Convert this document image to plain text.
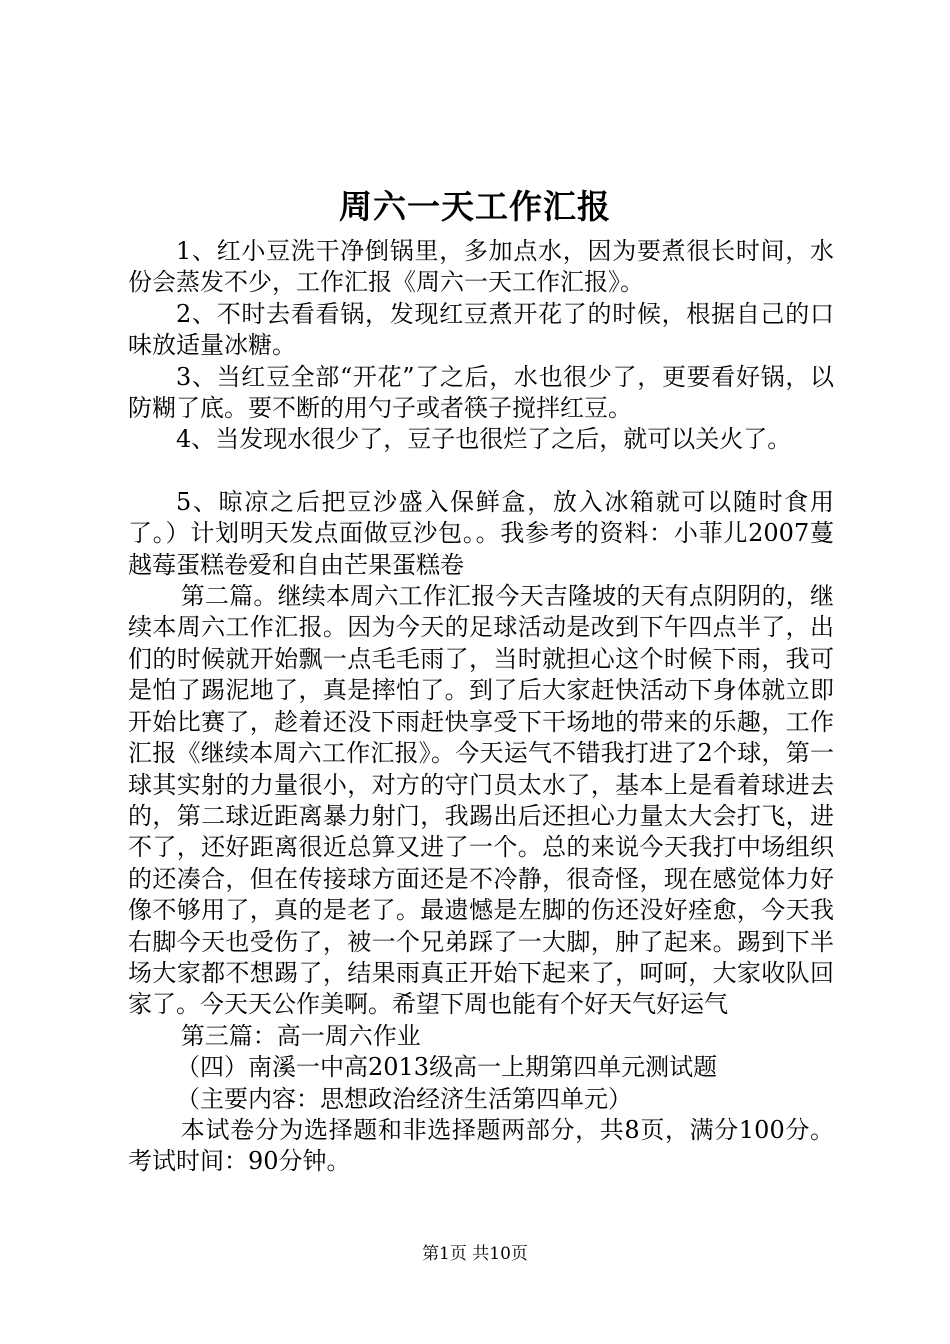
周六一天工作汇报

1、红小豆洗干净倒锅里，多加点水，因为要煮很长时间，水份会蒸发不少，工作汇报《周六一天工作汇报》。

2、不时去看看锅，发现红豆煮开花了的时候，根据自己的口味放适量冰糖。

3、当红豆全部“开花”了之后，水也很少了，更要看好锅，以防糊了底。要不断的用勺子或者筷子搅拌红豆。

4、当发现水很少了，豆子也很烂了之后，就可以关火了。

5、晾凉之后把豆沙盛入保鲜盒，放入冰箱就可以随时食用了。）计划明天发点面做豆沙包。。我参考的资料：小菲儿2007蔓越莓蛋糕卷爱和自由芒果蛋糕卷

第二篇。继续本周六工作汇报今天吉隆坡的天有点阴阴的，继续本周六工作汇报。因为今天的足球活动是改到下午四点半了，出们的时候就开始飘一点毛毛雨了，当时就担心这个时候下雨，我可是怕了踢泥地了，真是摔怕了。到了后大家赶快活动下身体就立即开始比赛了，趁着还没下雨赶快享受下干场地的带来的乐趣，工作汇报《继续本周六工作汇报》。今天运气不错我打进了2个球，第一球其实射的力量很小，对方的守门员太水了，基本上是看着球进去的，第二球近距离暴力射门，我踢出后还担心力量太大会打飞，进不了，还好距离很近总算又进了一个。总的来说今天我打中场组织的还凑合，但在传接球方面还是不冷静，很奇怪，现在感觉体力好像不够用了，真的是老了。最遗憾是左脚的伤还没好痊愈，今天我右脚今天也受伤了，被一个兄弟踩了一大脚，肿了起来。踢到下半场大家都不想踢了，结果雨真正开始下起来了，呵呵，大家收队回家了。今天天公作美啊。希望下周也能有个好天气好运气

第三篇：高一周六作业

（四）南溪一中高2013级高一上期第四单元测试题

（主要内容：思想政治经济生活第四单元）

本试卷分为选择题和非选择题两部分，共8页，满分100分。考试时间：90分钟。

第1页 共10页
